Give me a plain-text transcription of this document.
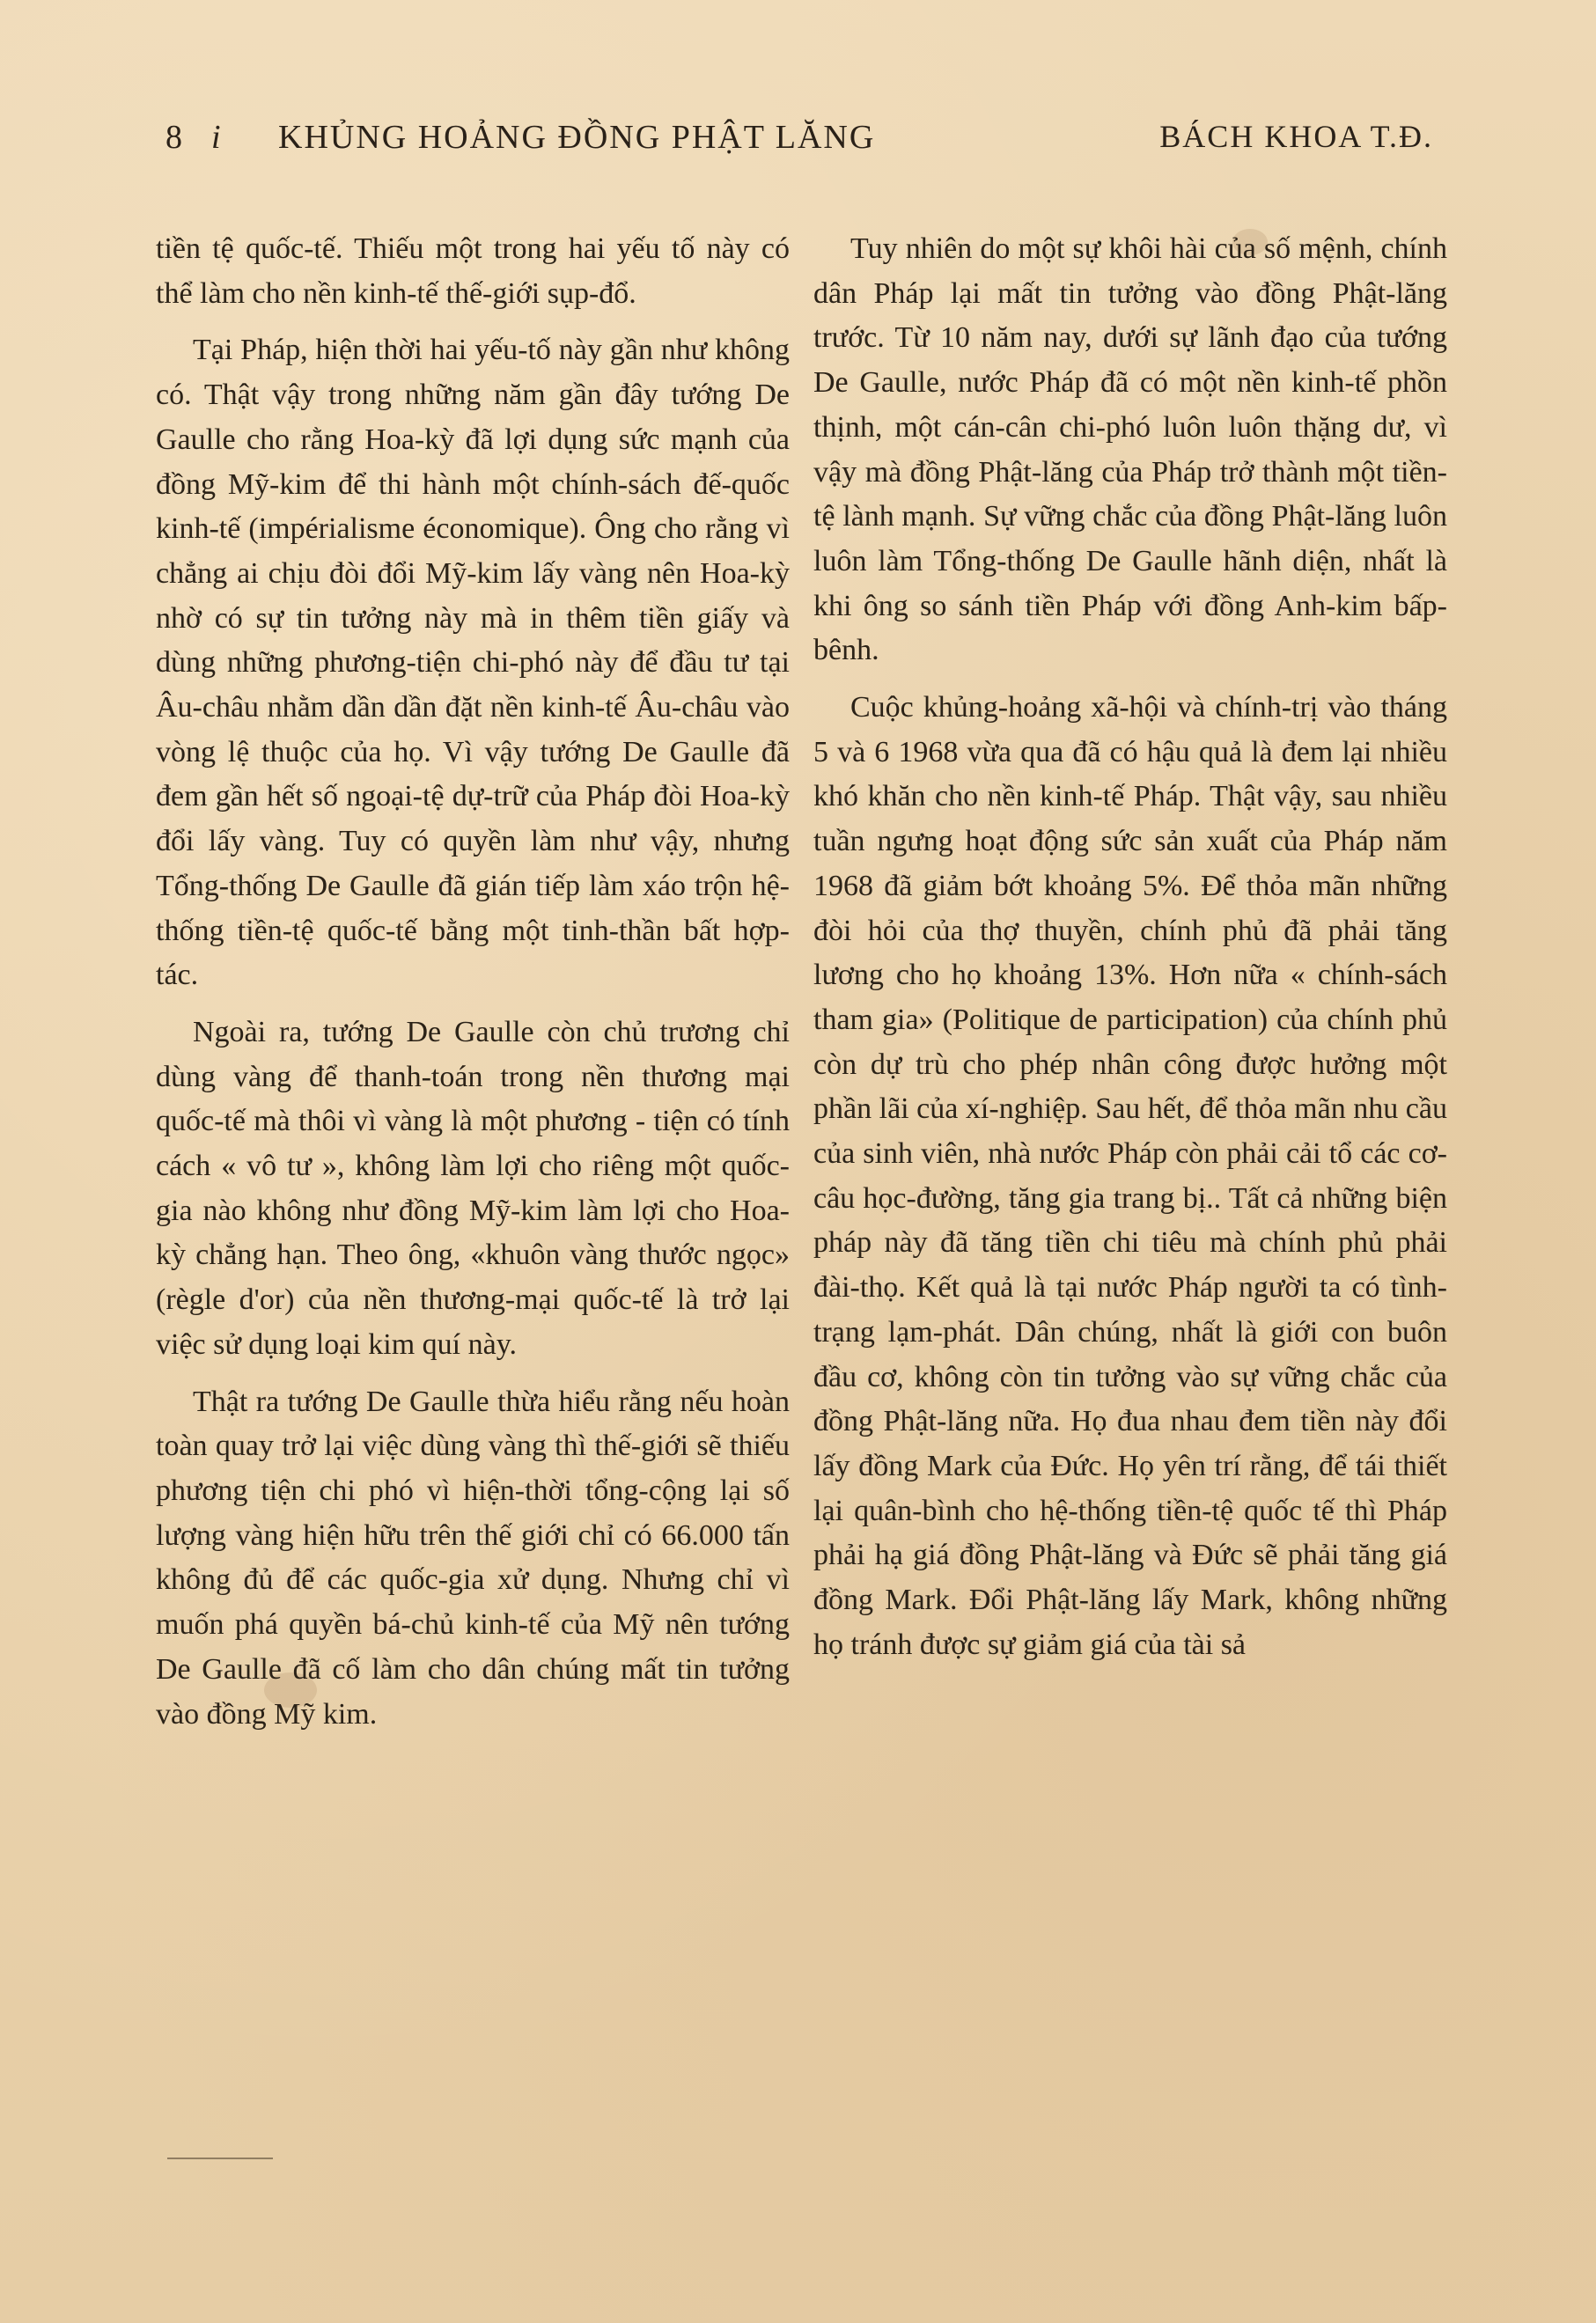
8 i KHỦNG HOẢNG ĐỒNG PHẬT LĂNG	BÁCH KHOA T.Đ.

tiền tệ quốc-tế. Thiếu một trong hai yếu tố này có thể làm cho nền kinh-tế thế-giới sụp-đổ.

Tại Pháp, hiện thời hai yếu-tố này gần như không có. Thật vậy trong những năm gần đây tướng De Gaulle cho rằng Hoa-kỳ đã lợi dụng sức mạnh của đồng Mỹ-kim để thi hành một chính-sách đế-quốc kinh-tế (impérialisme économique). Ông cho rằng vì chẳng ai chịu đòi đổi Mỹ-kim lấy vàng nên Hoa-kỳ nhờ có sự tin tưởng này mà in thêm tiền giấy và dùng những phương-tiện chi-phó này để đầu tư tại Âu-châu nhằm dần dần đặt nền kinh-tế Âu-châu vào vòng lệ thuộc của họ. Vì vậy tướng De Gaulle đã đem gần hết số ngoại-tệ dự-trữ của Pháp đòi Hoa-kỳ đổi lấy vàng. Tuy có quyền làm như vậy, nhưng Tổng-thống De Gaulle đã gián tiếp làm xáo trộn hệ-thống tiền-tệ quốc-tế bằng một tinh-thần bất hợp-tác.

Ngoài ra, tướng De Gaulle còn chủ trương chỉ dùng vàng để thanh-toán trong nền thương mại quốc-tế mà thôi vì vàng là một phương - tiện có tính cách « vô tư », không làm lợi cho riêng một quốc-gia nào không như đồng Mỹ-kim làm lợi cho Hoa-kỳ chẳng hạn. Theo ông, «khuôn vàng thước ngọc» (règle d'or) của nền thương-mại quốc-tế là trở lại việc sử dụng loại kim quí này.

Thật ra tướng De Gaulle thừa hiểu rằng nếu hoàn toàn quay trở lại việc dùng vàng thì thế-giới sẽ thiếu phương tiện chi phó vì hiện-thời tổng-cộng lại số lượng vàng hiện hữu trên thế giới chỉ có 66.000 tấn không đủ để các quốc-gia xử dụng. Nhưng chỉ vì muốn phá quyền bá-chủ kinh-tế của Mỹ nên tướng De Gaulle đã cố làm cho dân chúng mất tin tưởng vào đồng Mỹ kim.

Tuy nhiên do một sự khôi hài của số mệnh, chính dân Pháp lại mất tin tưởng vào đồng Phật-lăng trước. Từ 10 năm nay, dưới sự lãnh đạo của tướng De Gaulle, nước Pháp đã có một nền kinh-tế phồn thịnh, một cán-cân chi-phó luôn luôn thặng dư, vì vậy mà đồng Phật-lăng của Pháp trở thành một tiền-tệ lành mạnh. Sự vững chắc của đồng Phật-lăng luôn luôn làm Tổng-thống De Gaulle hãnh diện, nhất là khi ông so sánh tiền Pháp với đồng Anh-kim bấp-bênh.

Cuộc khủng-hoảng xã-hội và chính-trị vào tháng 5 và 6 1968 vừa qua đã có hậu quả là đem lại nhiều khó khăn cho nền kinh-tế Pháp. Thật vậy, sau nhiều tuần ngưng hoạt động sức sản xuất của Pháp năm 1968 đã giảm bớt khoảng 5%. Để thỏa mãn những đòi hỏi của thợ thuyền, chính phủ đã phải tăng lương cho họ khoảng 13%. Hơn nữa « chính-sách tham gia» (Politique de participation) của chính phủ còn dự trù cho phép nhân công được hưởng một phần lãi của xí-nghiệp. Sau hết, để thỏa mãn nhu cầu của sinh viên, nhà nước Pháp còn phải cải tổ các cơ-câu học-đường, tăng gia trang bị.. Tất cả những biện pháp này đã tăng tiền chi tiêu mà chính phủ phải đài-thọ. Kết quả là tại nước Pháp người ta có tình-trạng lạm-phát. Dân chúng, nhất là giới con buôn đầu cơ, không còn tin tưởng vào sự vững chắc của đồng Phật-lăng nữa. Họ đua nhau đem tiền này đổi lấy đồng Mark của Đức. Họ yên trí rằng, để tái thiết lại quân-bình cho hệ-thống tiền-tệ quốc tế thì Pháp phải hạ giá đồng Phật-lăng và Đức sẽ phải tăng giá đồng Mark. Đổi Phật-lăng lấy Mark, không những họ tránh được sự giảm giá của tài sả
